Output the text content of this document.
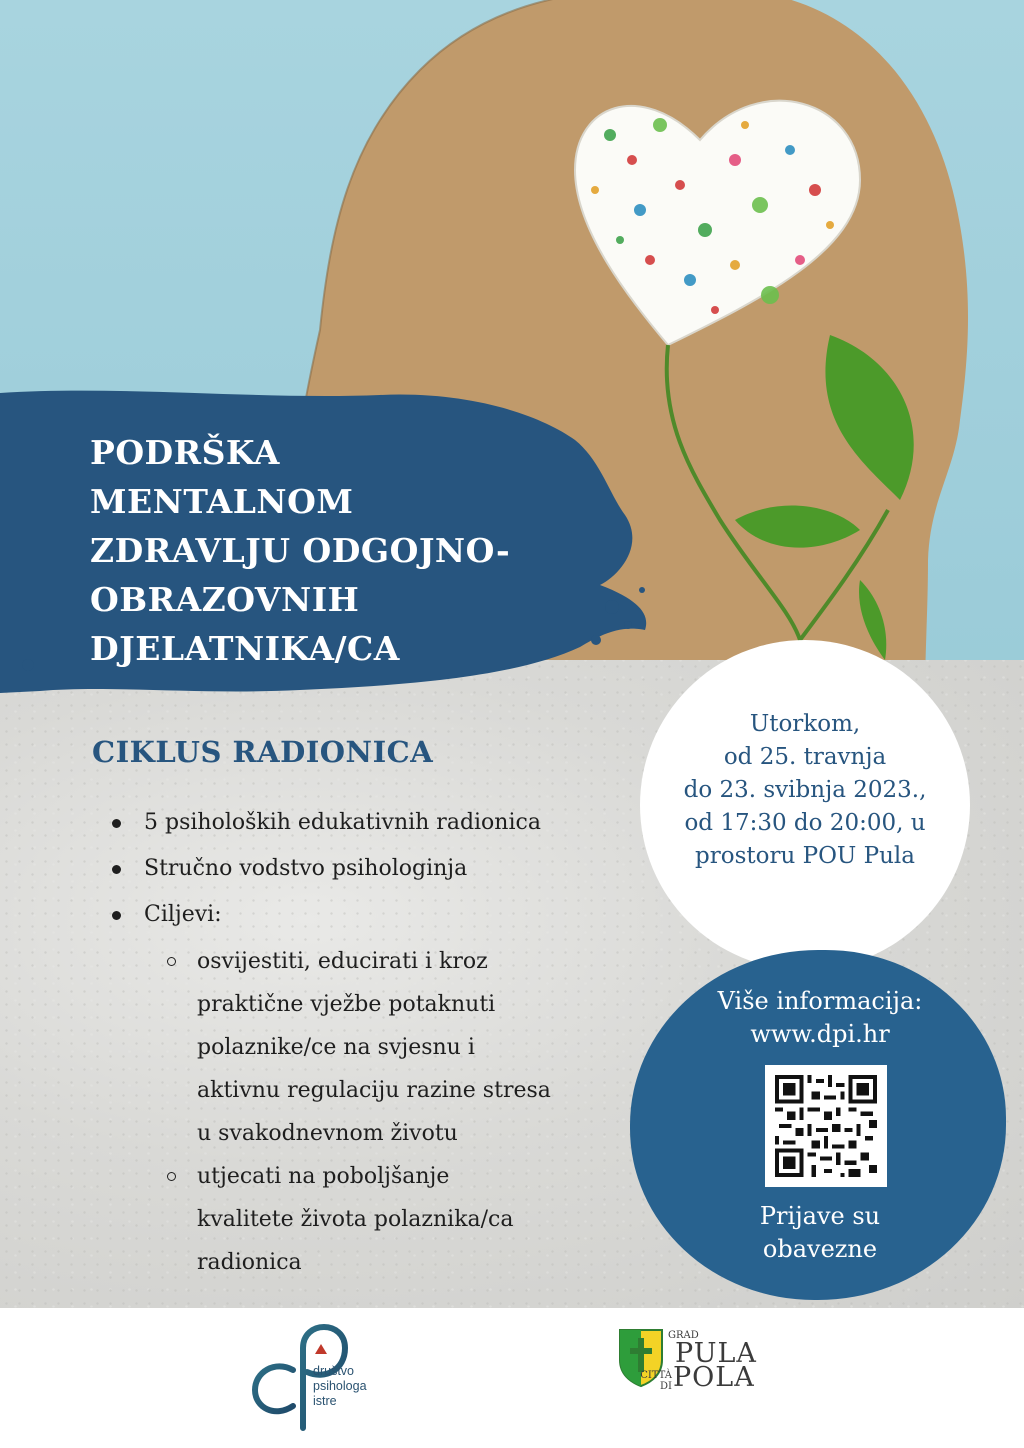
PODRŠKA
MENTALNOM
ZDRAVLJU ODGOJNO-
OBRAZOVNIH
DJELATNIKA/CA
CIKLUS RADIONICA
5 psiholoških edukativnih radionica
Stručno vodstvo psihologinja
Ciljevi:
osvijestiti, educirati i kroz
praktične vježbe potaknuti
polaznike/ce na svjesnu i
aktivnu regulaciju razine stresa
u svakodnevnom životu
utjecati na poboljšanje
kvalitete života polaznika/ca
radionica
Utorkom,
od 25. travnja
do 23. svibnja 2023.,
od 17:30 do 20:00, u
prostoru POU Pula
Više informacija:
www.dpi.hr
Prijave su
obavezne
društvo
psihologa
istre
GRAD
PULA
CITTÀ
DI POLA
